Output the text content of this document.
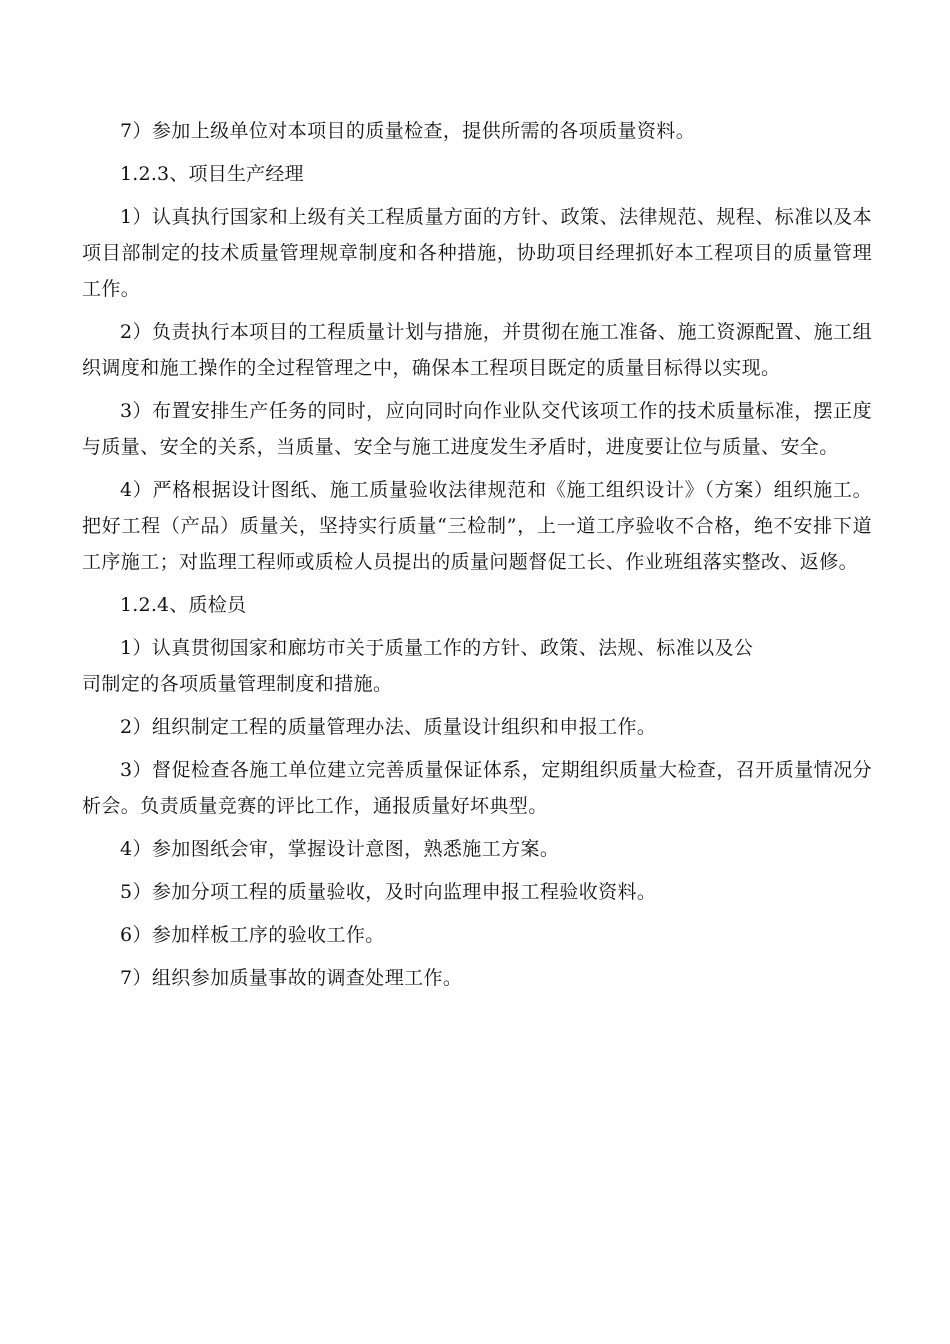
7）参加上级单位对本项目的质量检查，提供所需的各项质量资料。

1.2.3、项目生产经理

1）认真执行国家和上级有关工程质量方面的方针、政策、法律规范、规程、标准以及本项目部制定的技术质量管理规章制度和各种措施，协助项目经理抓好本工程项目的质量管理工作。

2）负责执行本项目的工程质量计划与措施，并贯彻在施工准备、施工资源配置、施工组织调度和施工操作的全过程管理之中，确保本工程项目既定的质量目标得以实现。

3）布置安排生产任务的同时，应向同时向作业队交代该项工作的技术质量标准，摆正度与质量、安全的关系，当质量、安全与施工进度发生矛盾时，进度要让位与质量、安全。

4）严格根据设计图纸、施工质量验收法律规范和《施工组织设计》（方案）组织施工。把好工程（产品）质量关，坚持实行质量“三检制”，上一道工序验收不合格，绝不安排下道工序施工；对监理工程师或质检人员提出的质量问题督促工长、作业班组落实整改、返修。

1.2.4、质检员

1）认真贯彻国家和廊坊市关于质量工作的方针、政策、法规、标准以及公
司制定的各项质量管理制度和措施。

2）组织制定工程的质量管理办法、质量设计组织和申报工作。

3）督促检查各施工单位建立完善质量保证体系，定期组织质量大检查，召开质量情况分析会。负责质量竞赛的评比工作，通报质量好坏典型。

4）参加图纸会审，掌握设计意图，熟悉施工方案。

5）参加分项工程的质量验收，及时向监理申报工程验收资料。

6）参加样板工序的验收工作。

7）组织参加质量事故的调查处理工作。
